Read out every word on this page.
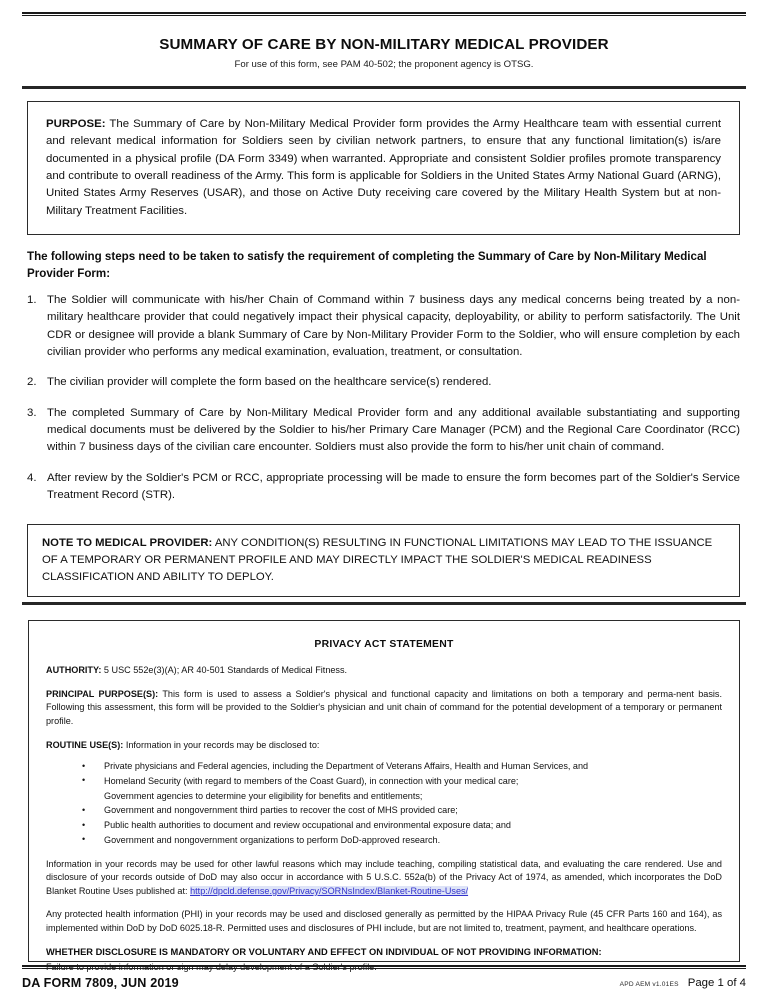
SUMMARY OF CARE BY NON-MILITARY MEDICAL PROVIDER

For use of this form, see PAM 40-502; the proponent agency is OTSG.

PURPOSE: The Summary of Care by Non-Military Medical Provider form provides the Army Healthcare team with essential current and relevant medical information for Soldiers seen by civilian network partners, to ensure that any functional limitation(s) is/are documented in a physical profile (DA Form 3349) when warranted. Appropriate and consistent Soldier profiles promote transparency and contribute to overall readiness of the Army. This form is applicable for Soldiers in the United States Army National Guard (ARNG), United States Army Reserves (USAR), and those on Active Duty receiving care covered by the Military Health System but at non-Military Treatment Facilities.

The following steps need to be taken to satisfy the requirement of completing the Summary of Care by Non-Military Medical Provider Form:
1. The Soldier will communicate with his/her Chain of Command within 7 business days any medical concerns being treated by a non-military healthcare provider that could negatively impact their physical capacity, deployability, or ability to perform satisfactorily. The Unit CDR or designee will provide a blank Summary of Care by Non-Military Provider Form to the Soldier, who will ensure completion by each civilian provider who performs any medical examination, evaluation, treatment, or consultation.
2. The civilian provider will complete the form based on the healthcare service(s) rendered.
3. The completed Summary of Care by Non-Military Medical Provider form and any additional available substantiating and supporting medical documents must be delivered by the Soldier to his/her Primary Care Manager (PCM) and the Regional Care Coordinator (RCC) within 7 business days of the civilian care encounter. Soldiers must also provide the form to his/her unit chain of command.
4. After review by the Soldier's PCM or RCC, appropriate processing will be made to ensure the form becomes part of the Soldier's Service Treatment Record (STR).

NOTE TO MEDICAL PROVIDER: ANY CONDITION(S) RESULTING IN FUNCTIONAL LIMITATIONS MAY LEAD TO THE ISSUANCE OF A TEMPORARY OR PERMANENT PROFILE AND MAY DIRECTLY IMPACT THE SOLDIER'S MEDICAL READINESS CLASSIFICATION AND ABILITY TO DEPLOY.

PRIVACY ACT STATEMENT

AUTHORITY: 5 USC 552e(3)(A); AR 40-501 Standards of Medical Fitness.

PRINCIPAL PURPOSE(S): This form is used to assess a Soldier's physical and functional capacity and limitations on both a temporary and perma-nent basis. Following this assessment, this form will be provided to the Soldier's physician and unit chain of command for the potential development of a temporary or permanent profile.

ROUTINE USE(S): Information in your records may be disclosed to:

• Private physicians and Federal agencies, including the Department of Veterans Affairs, Health and Human Services, and
• Homeland Security (with regard to members of the Coast Guard), in connection with your medical care;
Government agencies to determine your eligibility for benefits and entitlements;
• Government and nongovernment third parties to recover the cost of MHS provided care;
• Public health authorities to document and review occupational and environmental exposure data; and
• Government and nongovernment organizations to perform DoD-approved research.

Information in your records may be used for other lawful reasons which may include teaching, compiling statistical data, and evaluating the care rendered. Use and disclosure of your records outside of DoD may also occur in accordance with 5 U.S.C. 552a(b) of the Privacy Act of 1974, as amended, which incorporates the DoD Blanket Routine Uses published at: http://dpcld.defense.gov/Privacy/SORNsIndex/Blanket-Routine-Uses/

Any protected health information (PHI) in your records may be used and disclosed generally as permitted by the HIPAA Privacy Rule (45 CFR Parts 160 and 164), as implemented within DoD by DoD 6025.18-R. Permitted uses and disclosures of PHI include, but are not limited to, treatment, payment, and healthcare operations.

WHETHER DISCLOSURE IS MANDATORY OR VOLUNTARY AND EFFECT ON INDIVIDUAL OF NOT PROVIDING INFORMATION:

Failure to provide information or sign may delay development of a Soldier's profile.

DA FORM 7809, JUN 2019	APD AEM v1.01ES Page 1 of 4
